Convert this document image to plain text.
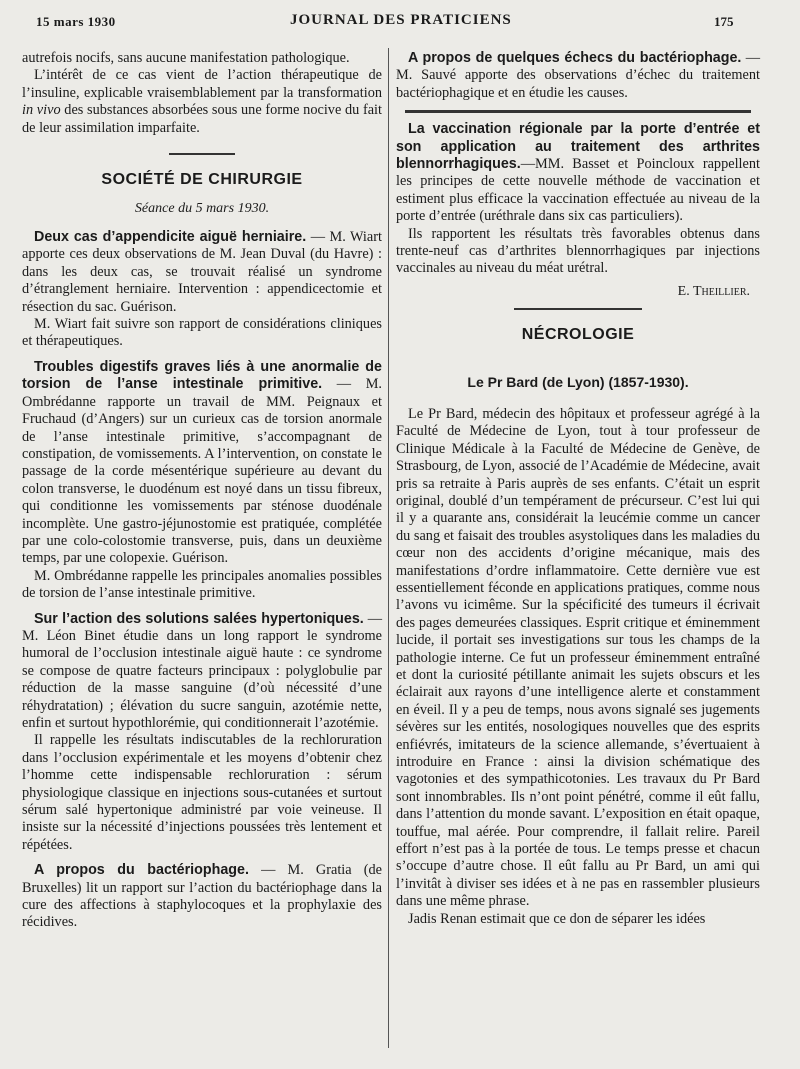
15 mars 1930	JOURNAL DES PRATICIENS	175

autrefois nocifs, sans aucune manifestation pathologique.

L’intérêt de ce cas vient de l’action thérapeutique de l’insuline, explicable vraisemblablement par la transformation in vivo des substances absorbées sous une forme nocive du fait de leur assimilation imparfaite.

SOCIÉTÉ DE CHIRURGIE
Séance du 5 mars 1930.

Deux cas d’appendicite aiguë herniaire. — M. Wiart apporte ces deux observations de M. Jean Duval (du Havre) : dans les deux cas, se trouvait réalisé un syndrome d’étranglement herniaire. Intervention : appendicectomie et résection du sac. Guérison.

M. Wiart fait suivre son rapport de considérations cliniques et thérapeutiques.

Troubles digestifs graves liés à une anormalie de torsion de l’anse intestinale primitive. — M. Ombrédanne rapporte un travail de MM. Peignaux et Fruchaud (d’Angers) sur un curieux cas de torsion anormale de l’anse intestinale primitive, s’accompagnant de constipation, de vomissements. A l’intervention, on constate le passage de la corde mésentérique supérieure au devant du colon transverse, le duodénum est noyé dans un tissu fibreux, qui conditionne les vomissements par sténose duodénale incomplète. Une gastro-jéjunostomie est pratiquée, complétée par une colo-colostomie transverse, puis, dans un deuxième temps, par une colopexie. Guérison.

M. Ombrédanne rappelle les principales anomalies possibles de torsion de l’anse intestinale primitive.

Sur l’action des solutions salées hypertoniques. — M. Léon Binet étudie dans un long rapport le syndrome humoral de l’occlusion intestinale aiguë haute : ce syndrome se compose de quatre facteurs principaux : polyglobulie par réduction de la masse sanguine (d’où nécessité d’une réhydratation) ; élévation du sucre sanguin, azotémie nette, enfin et surtout hypothlorémie, qui conditionnerait l’azotémie.

Il rappelle les résultats indiscutables de la rechloruration dans l’occlusion expérimentale et les moyens d’obtenir chez l’homme cette indispensable rechloruration : sérum physiologique classique en injections sous-cutanées et surtout sérum salé hypertonique administré par voie veineuse. Il insiste sur la nécessité d’injections poussées très lentement et répétées.

A propos du bactériophage. — M. Gratia (de Bruxelles) lit un rapport sur l’action du bactériophage dans la cure des affections à staphylocoques et la prophylaxie des récidives.

A propos de quelques échecs du bactériophage. — M. Sauvé apporte des observations d’échec du traitement bactériophagique et en étudie les causes.

La vaccination régionale par la porte d’entrée et son application au traitement des arthrites blennorrhagiques.—MM. Basset et Poincloux rappellent les principes de cette nouvelle méthode de vaccination et estiment plus efficace la vaccination effectuée au niveau de la porte d’entrée (uréthrale dans six cas particuliers).

Ils rapportent les résultats très favorables obtenus dans trente-neuf cas d’arthrites blennorrhagiques par injections vaccinales au niveau du méat urétral.

E. Theillier.
NÉCROLOGIE
Le Pr Bard (de Lyon) (1857-1930).

Le Pr Bard, médecin des hôpitaux et professeur agrégé à la Faculté de Médecine de Lyon, tout à tour professeur de Clinique Médicale à la Faculté de Médecine de Genève, de Strasbourg, de Lyon, associé de l’Académie de Médecine, avait pris sa retraite à Paris auprès de ses enfants. C’était un esprit original, doublé d’un tempérament de précurseur. C’est lui qui il y a quarante ans, considérait la leucémie comme un cancer du sang et faisait des troubles asystoliques dans les maladies du cœur non des accidents d’origine mécanique, mais des manifestations d’ordre inflammatoire. Cette dernière vue est essentiellement féconde en applications pratiques, comme nous l’avons vu icimême. Sur la spécificité des tumeurs il écrivait des pages demeurées classiques. Esprit critique et éminemment lucide, il portait ses investigations sur tous les champs de la pathologie interne. Ce fut un professeur éminemment entraîné et dont la curiosité pétillante animait les sujets obscurs et les éclairait aux rayons d’une intelligence alerte et constamment en éveil. Il y a peu de temps, nous avons signalé ses jugements sévères sur les entités, nosologiques nouvelles que des esprits enfiévrés, imitateurs de la science allemande, s’évertuaient à introduire en France : ainsi la division schématique des vagotonies et des sympathicotonies. Les travaux du Pr Bard sont innombrables. Ils n’ont point pénétré, comme il eût fallu, dans l’attention du monde savant. L’exposition en était opaque, touffue, mal aérée. Pour comprendre, il fallait relire. Pareil effort n’est pas à la portée de tous. Le temps presse et chacun s’occupe d’autre chose. Il eût fallu au Pr Bard, un ami qui l’invitât à diviser ses idées et à ne pas en rassembler plusieurs dans une même phrase.

Jadis Renan estimait que ce don de séparer les idées
